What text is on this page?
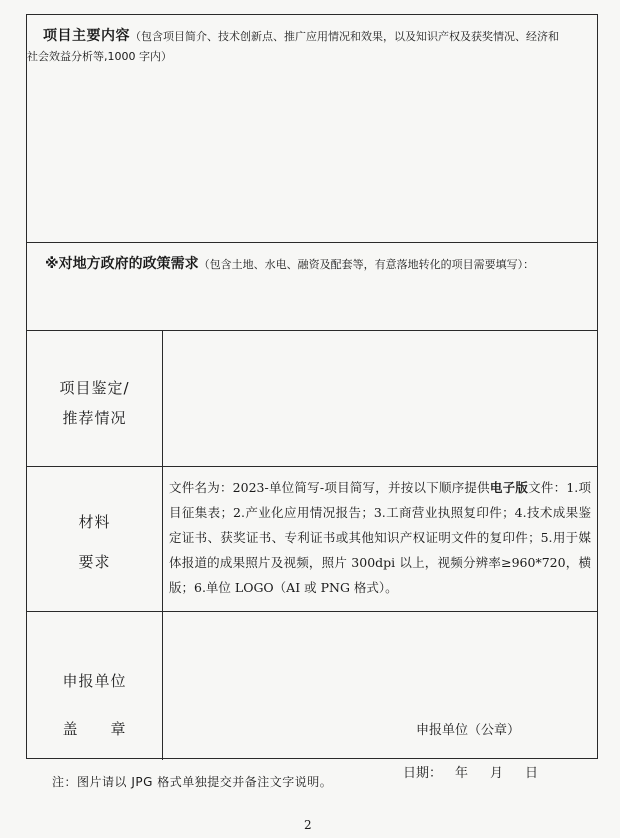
项目主要内容（包含项目简介、技术创新点、推广应用情况和效果，以及知识产权及获奖情况、经济和
社会效益分析等,1000 字内）
※对地方政府的政策需求（包含土地、水电、融资及配套等，有意落地转化的项目需要填写）：
项目鉴定/
推荐情况
材料
要求
文件名为：2023-单位简写-项目简写，并按以下顺序提供电子版文件：1.项目征集表；2.产业化应用情况报告；3.工商营业执照复印件；4.技术成果鉴定证书、获奖证书、专利证书或其他知识产权证明文件的复印件；5.用于媒体报道的成果照片及视频，照片 300dpi 以上，视频分辨率≥960*720，横版；6.单位 LOGO（AI 或 PNG 格式）。
申报单位
盖　　章	申报单位（公章）
日期： 年 月 日
注：图片请以 JPG 格式单独提交并备注文字说明。
2
